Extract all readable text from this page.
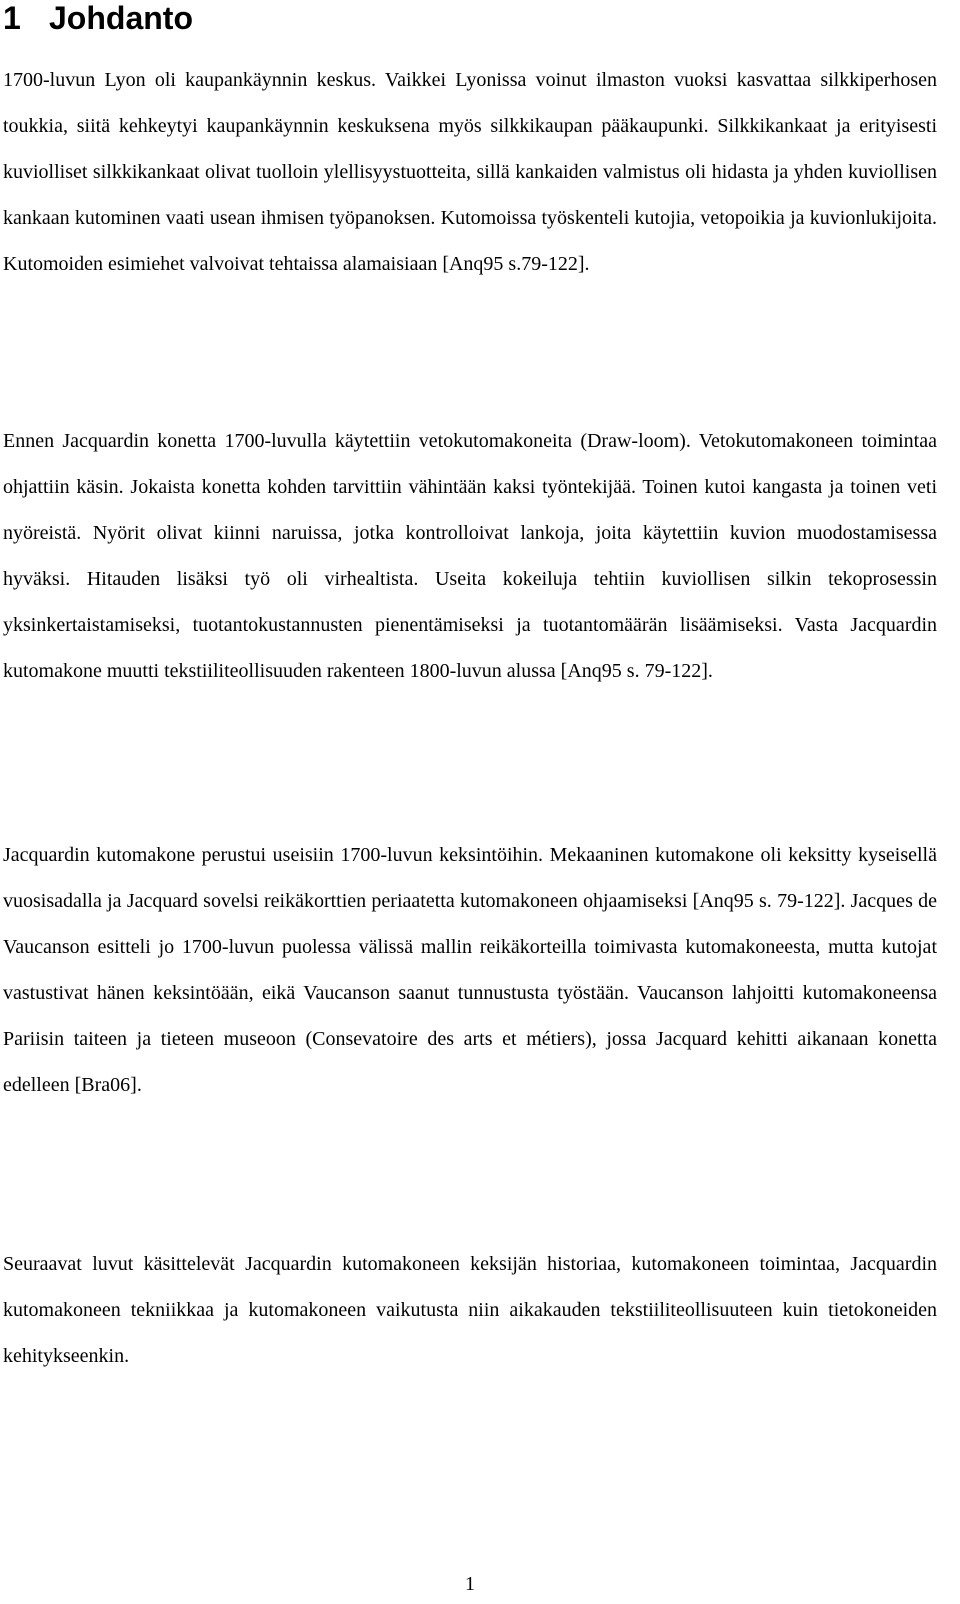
1 Johdanto

1700-luvun Lyon oli kaupankäynnin keskus. Vaikkei Lyonissa voinut ilmaston vuoksi kasvattaa silkkiperhosen toukkia, siitä kehkeytyi kaupankäynnin keskuksena myös silkkikaupan pääkaupunki. Silkkikankaat ja erityisesti kuviolliset silkkikankaat olivat tuolloin ylellisyystuotteita, sillä kankaiden valmistus oli hidasta ja yhden kuviollisen kankaan kutominen vaati usean ihmisen työpanoksen. Kutomoissa työskenteli kutojia, vetopoikia ja kuvionlukijoita. Kutomoiden esimiehet valvoivat tehtaissa alamaisiaan [Anq95 s.79-122].

Ennen Jacquardin konetta 1700-luvulla käytettiin vetokutomakoneita (Draw-loom). Vetokutomakoneen toimintaa ohjattiin käsin. Jokaista konetta kohden tarvittiin vähintään kaksi työntekijää. Toinen kutoi kangasta ja toinen veti nyöreistä. Nyörit olivat kiinni naruissa, jotka kontrolloivat lankoja, joita käytettiin kuvion muodostamisessa hyväksi. Hitauden lisäksi työ oli virhealtista. Useita kokeiluja tehtiin kuviollisen silkin tekoprosessin yksinkertaistamiseksi, tuotantokustannusten pienentämiseksi ja tuotantomäärän lisäämiseksi. Vasta Jacquardin kutomakone muutti tekstiiliteollisuuden rakenteen 1800-luvun alussa [Anq95 s. 79-122].

Jacquardin kutomakone perustui useisiin 1700-luvun keksintöihin. Mekaaninen kutomakone oli keksitty kyseisellä vuosisadalla ja Jacquard sovelsi reikäkorttien periaatetta kutomakoneen ohjaamiseksi [Anq95 s. 79-122]. Jacques de Vaucanson esitteli jo 1700-luvun puolessa välissä mallin reikäkorteilla toimivasta kutomakoneesta, mutta kutojat vastustivat hänen keksintöään, eikä Vaucanson saanut tunnustusta työstään. Vaucanson lahjoitti kutomakoneensa Pariisin taiteen ja tieteen museoon (Consevatoire des arts et métiers), jossa Jacquard kehitti aikanaan konetta edelleen [Bra06].

Seuraavat luvut käsittelevät Jacquardin kutomakoneen keksijän historiaa, kutomakoneen toimintaa, Jacquardin kutomakoneen tekniikkaa ja kutomakoneen vaikutusta niin aikakauden tekstiiliteollisuuteen kuin tietokoneiden kehitykseenkin.

1
